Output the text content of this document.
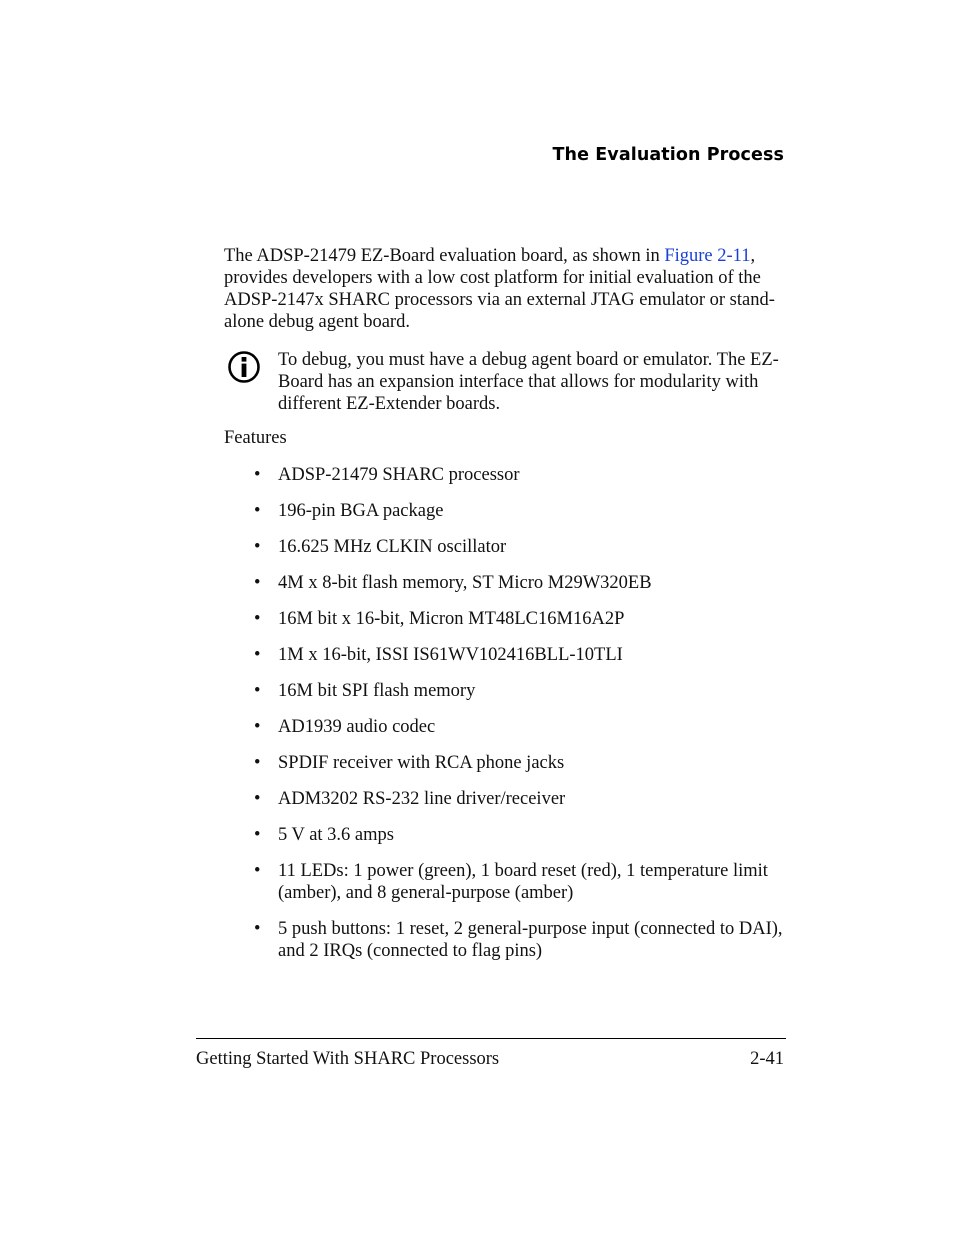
The Evaluation Process

The ADSP-21479 EZ-Board evaluation board, as shown in Figure 2-11, provides developers with a low cost platform for initial evaluation of the ADSP-2147x SHARC processors via an external JTAG emulator or stand-alone debug agent board.

To debug, you must have a debug agent board or emulator. The EZ-Board has an expansion interface that allows for modularity with different EZ-Extender boards.

Features

• ADSP-21479 SHARC processor
• 196-pin BGA package
• 16.625 MHz CLKIN oscillator
• 4M x 8-bit flash memory, ST Micro M29W320EB
• 16M bit x 16-bit, Micron MT48LC16M16A2P
• 1M x 16-bit, ISSI IS61WV102416BLL-10TLI
• 16M bit SPI flash memory
• AD1939 audio codec
• SPDIF receiver with RCA phone jacks
• ADM3202 RS-232 line driver/receiver
• 5 V at 3.6 amps
• 11 LEDs: 1 power (green), 1 board reset (red), 1 temperature limit (amber), and 8 general-purpose (amber)
• 5 push buttons: 1 reset, 2 general-purpose input (connected to DAI), and 2 IRQs (connected to flag pins)
Getting Started With SHARC Processors	2-41
